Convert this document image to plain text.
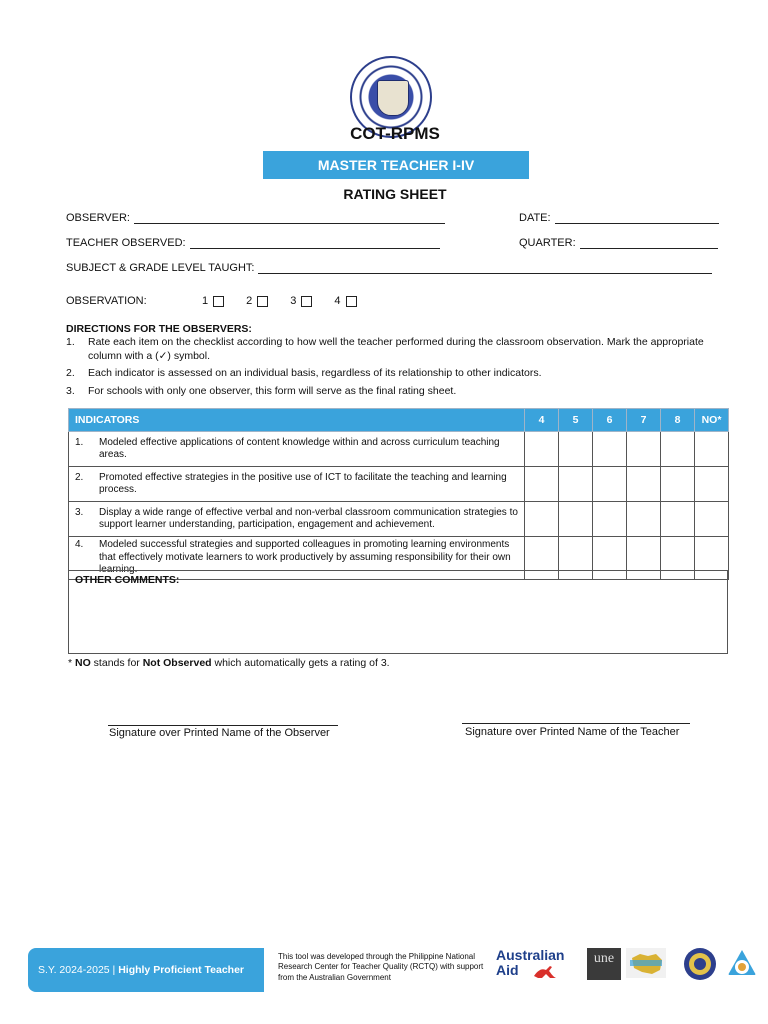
COT-RPMS
MASTER TEACHER I-IV
RATING SHEET
OBSERVER:	DATE:
TEACHER OBSERVED:	QUARTER:
SUBJECT & GRADE LEVEL TAUGHT:
OBSERVATION:	1	2	3	4
DIRECTIONS FOR THE OBSERVERS:
1.	Rate each item on the checklist according to how well the teacher performed during the classroom observation. Mark the appropriate column with a (✓) symbol.
2.	Each indicator is assessed on an individual basis, regardless of its relationship to other indicators.
3.	For schools with only one observer, this form will serve as the final rating sheet.
INDICATORS	4	5	6	7	8	NO*

1. Modeled effective applications of content knowledge within and across curriculum teaching areas.						

2. Promoted effective strategies in the positive use of ICT to facilitate the teaching and learning process.						

3. Display a wide range of effective verbal and non-verbal classroom communication strategies to support learner understanding, participation, engagement and achievement.						

4. Modeled successful strategies and supported colleagues in promoting learning environments that effectively motivate learners to work productively by assuming responsibility for their own learning.						

OTHER COMMENTS:
* NO stands for Not Observed which automatically gets a rating of 3.
Signature over Printed Name of the Observer	Signature over Printed Name of the Teacher
S.Y. 2024-2025 |
Highly Proficient Teacher
This tool was developed through the Philippine National Research Center for Teacher Quality (RCTQ) with support from the Australian Government
Australian
Aid
une
